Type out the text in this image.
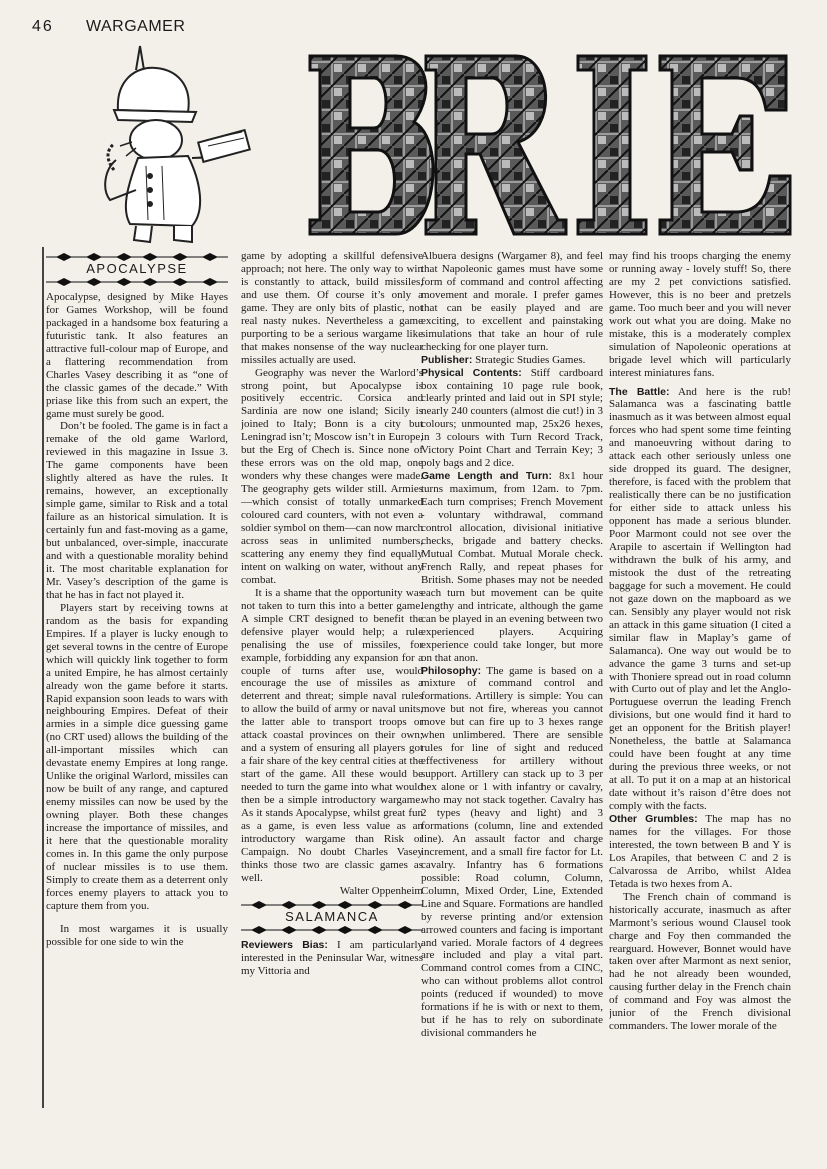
46 WARGAMER
APOCALYPSE

Apocalypse, designed by Mike Hayes for Games Workshop, will be found packaged in a handsome box featuring a futuristic tank. It also features an attractive full-colour map of Europe, and a flattering recommendation from Charles Vasey describing it as “one of the classic games of the decade.” With priase like this from such an expert, the game must surely be good.

Don’t be fooled. The game is in fact a remake of the old game Warlord, reviewed in this magazine in Issue 3. The game components have been slightly altered as have the rules. It remains, however, an exceptionally simple game, similar to Risk and a total failure as an historical simulation. It is certainly fun and fast-moving as a game, but unbalanced, over-simple, inaccurate and with a questionable morality behind it. The most charitable explanation for Mr. Vasey’s description of the game is that he has in fact not played it.

Players start by receiving towns at random as the basis for expanding Empires. If a player is lucky enough to get several towns in the centre of Europe which will quickly link together to form a united Empire, he has almost certainly already won the game before it starts. Rapid expansion soon leads to wars with neighbouring Empires. Defeat of their armies in a simple dice guessing game (no CRT used) allows the building of the all-important missiles which can devastate enemy Empires at long range. Unlike the original Warlord, missiles can now be built of any range, and captured enemy missiles can now be used by the owning player. Both these changes increase the importance of missiles, and it here that the questionable morality comes in. In this game the only purpose of nuclear missiles is to use them. Simply to create them as a deterrent only forces enemy players to attack you to capture them from you.

In most wargames it is usually possible for one side to win the

game by adopting a skillful defensive approach; not here. The only way to win is constantly to attack, build missiles, and use them. Of course it’s only a game. They are only bits of plastic, not real nasty nukes. Nevertheless a game purporting to be a serious wargame like that makes nonsense of the way nuclear missiles actually are used.

Geography was never the Warlord’s strong point, but Apocalypse is positively eccentric. Corsica and Sardinia are now one island; Sicily is joined to Italy; Bonn is a city but Leningrad isn’t; Moscow isn’t in Europe, but the Erg of Chech is. Since none of these errors was on the old map, one wonders why these changes were made. The geography gets wilder still. Armies—which consist of totally unmarked coloured card counters, with not even a soldier symbol on them—can now march across seas in unlimited numbers, scattering any enemy they find equally intent on walking on water, without any combat.

It is a shame that the opportunity was not taken to turn this into a better game. A simple CRT designed to benefit the defensive player would help; a rule penalising the use of missiles, for example, forbidding any expansion for a couple of turns after use, would encourage the use of missiles as a deterrent and threat; simple naval rules to allow the build of army or naval units, the latter able to transport troops or attack coastal provinces on their own; and a system of ensuring all players got a fair share of the key central cities at the start of the game. All these would be needed to turn the game into what would then be a simple introductory wargame. As it stands Apocalypse, whilst great fun as a game, is even less value as an introductory wargame than Risk or Campaign. No doubt Charles Vasey thinks those two are classic games as well.

Walter Oppenheim

SALAMANCA

Reviewers Bias: I am particularly interested in the Peninsular War, witness my Vittoria and

Albuera designs (Wargamer 8), and feel that Napoleonic games must have some form of command and control affecting movement and morale. I prefer games that can be easily played and are exciting, to excellent and painstaking simulations that take an hour of rule checking for one player turn.

Publisher: Strategic Studies Games.

Physical Contents: Stiff cardboard box containing 10 page rule book, clearly printed and laid out in SPI style; nearly 240 counters (almost die cut!) in 3 colours; unmounted map, 25x26 hexes, in 3 colours with Turn Record Track, Victory Point Chart and Terrain Key; 3 poly bags and 2 dice.

Game Length and Turn: 8x1 hour turns maximum, from 12am. to 7pm. Each turn comprises; French Movement - voluntary withdrawal, command control allocation, divisional initiative checks, brigade and battery checks. Mutual Combat. Mutual Morale check. French Rally, and repeat phases for British. Some phases may not be needed each turn but movement can be quite lengthy and intricate, although the game can be played in an evening between two experienced players. Acquiring experience could take longer, but more on that anon.

Philosophy: The game is based on a mixture of command control and formations. Artillery is simple: You can move but not fire, whereas you cannot move but can fire up to 3 hexes range when unlimbered. There are sensible rules for line of sight and reduced effectiveness for artillery without support. Artillery can stack up to 3 per hex alone or 1 with infantry or cavalry, who may not stack together. Cavalry has 2 types (heavy and light) and 3 formations (column, line and extended line). An assault factor and charge increment, and a small fire factor for Lt. cavalry. Infantry has 6 formations possible: Road column, Column, Column, Mixed Order, Line, Extended Line and Square. Formations are handled by reverse printing and/or extension arrowed counters and facing is important and varied. Morale factors of 4 degrees are included and play a vital part. Command control comes from a CINC, who can without problems allot control points (reduced if wounded) to move formations if he is with or next to them, but if he has to rely on subordinate divisional commanders he

may find his troops charging the enemy or running away - lovely stuff! So, there are my 2 pet convictions satisfied. However, this is no beer and pretzels game. Too much beer and you will never work out what you are doing. Make no mistake, this is a moderately complex simulation of Napoleonic operations at brigade level which will particularly interest miniatures fans.

The Battle: And here is the rub! Salamanca was a fascinating battle inasmuch as it was between almost equal forces who had spent some time feinting and manoeuvring without daring to attack each other seriously unless one side dropped its guard. The designer, therefore, is faced with the problem that realistically there can be no justification for either side to attack unless his opponent has made a serious blunder. Poor Marmont could not see over the Arapile to ascertain if Wellington had withdrawn the bulk of his army, and mistook the dust of the retreating baggage for such a movement. He could not gaze down on the mapboard as we can. Sensibly any player would not risk an attack in this game situation (I cited a similar flaw in Maplay’s game of Salamanca). One way out would be to advance the game 3 turns and set-up with Thoniere spread out in road column with Curto out of play and let the Anglo-Portuguese overrun the leading French divisions, but one would find it hard to get an opponent for the British player! Nonetheless, the battle at Salamanca could have been fought at any time during the previous three weeks, or not at all. To put it on a map at an historical date without it’s raison d’être does not comply with the facts.

Other Grumbles: The map has no names for the villages. For those interested, the town between B and Y is Los Arapiles, that between C and 2 is Calvarossa de Arribo, whilst Aldea Tetada is two hexes from A.

The French chain of command is historically accurate, inasmuch as after Marmont’s serious wound Clausel took charge and Foy then commanded the rearguard. However, Bonnet would have taken over after Marmont as next senior, had he not already been wounded, causing further delay in the French chain of command and Foy was almost the junior of the French divisional commanders. The lower morale of the
